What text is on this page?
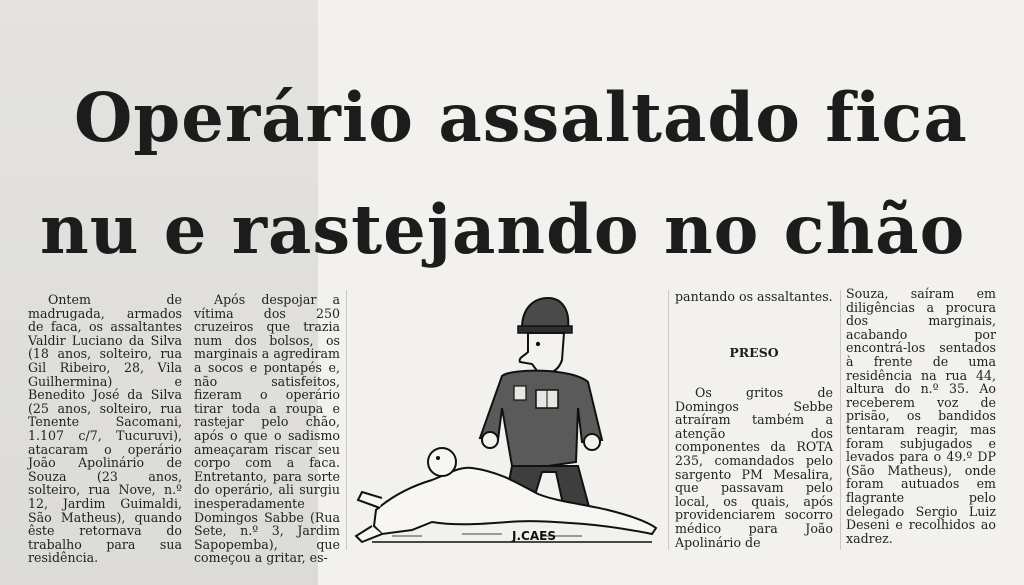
Operário assaltado fica
nu e rastejando no chão

Ontem de madrugada, armados de faca, os assaltantes Valdir Luciano da Silva (18 anos, solteiro, rua Gil Ribeiro, 28, Vila Guilhermina) e Benedito José da Silva (25 anos, solteiro, rua Tenente Sacomani, 1.107 c/7, Tucuruvi), atacaram o operário João Apolinário de Souza (23 anos, solteiro, rua Nove, n.º 12, Jardim Guimaldi, São Matheus), quando êste retornava do trabalho para sua residência.

Após despojar a vítima dos 250 cruzeiros que trazia num dos bolsos, os marginais a agrediram a socos e pontapés e, não satisfeitos, fizeram o operário tirar toda a roupa e rastejar pelo chão, após o que o sadismo ameaçaram riscar seu corpo com a faca. Entretanto, para sorte do operário, ali surgiu inesperadamente Domingos Sabbe (Rua Sete, n.º 3, Jardim Sapopemba), que começou a gritar, es-

J.CAES

pantando os assaltantes.

PRESO

Os gritos de Domingos Sebbe atraíram também a atenção dos componentes da ROTA 235, comandados pelo sargento PM Mesalira, que passavam pelo local, os quais, após providenciarem socorro médico para João Apolinário de

Souza, saíram em diligências a procura dos marginais, acabando por encontrá-los sentados à frente de uma residência na rua 44, altura do n.º 35. Ao receberem voz de prisão, os bandidos tentaram reagir, mas foram subjugados e levados para o 49.º DP (São Matheus), onde foram autuados em flagrante pelo delegado Sergio Luiz Deseni e recolhidos ao xadrez.
